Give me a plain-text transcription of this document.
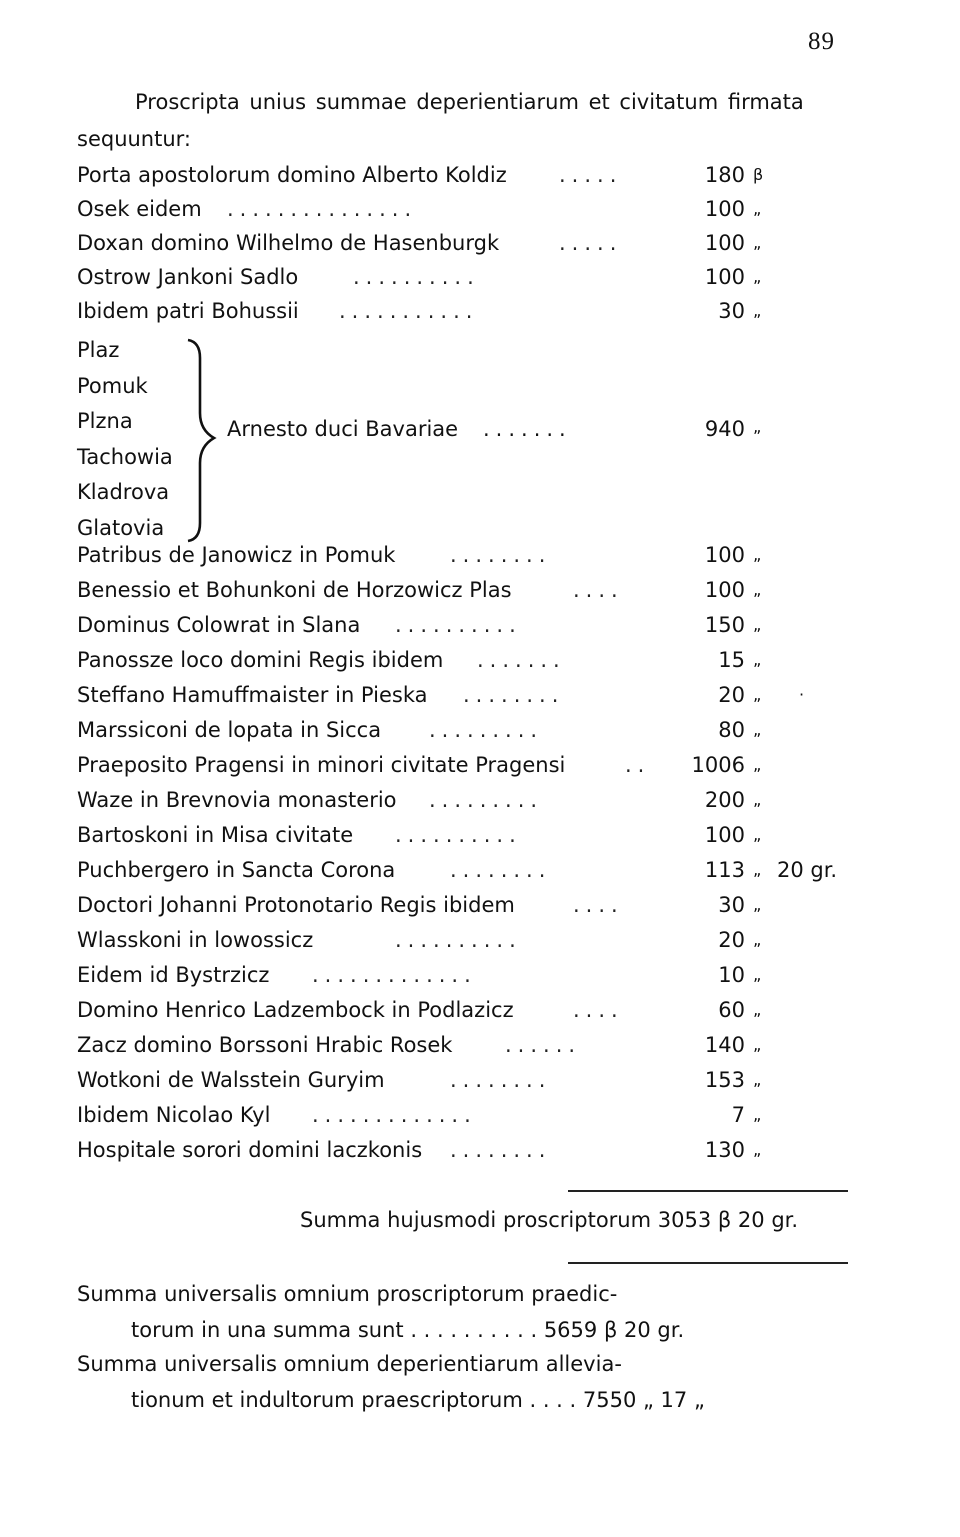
89
Proscripta unius summae deperientiarum et civitatum firmata
sequuntur:
Porta apostolorum domino Alberto Koldiz .....	180 β
Osek eidem ...............	100 „
Doxan domino Wilhelmo de Hasenburgk	.....	100 „
Ostrow Jankoni Sadlo	..........	100 „
Ibidem patri Bohussii ...........	30 „
Plaz
Pomuk
Plzna
Tachowia
Kladrova
Glatovia
Arnesto duci Bavariae .......	940 „
Patribus de Janowicz in Pomuk	........	100 „
Benessio et Bohunkoni de Horzowicz Plas	....	100 „
Dominus Colowrat in Slana ..........	150 „
Panossze loco domini Regis ibidem .......	15 „
Steffano Hamuffmaister in Pieska ........	20 „ ·
Marssiconi de lopata in Sicca .........	80 „
Praeposito Pragensi in minori civitate Pragensi	..	1006 „
Waze in Brevnovia monasterio .........	200 „
Bartoskoni in Misa civitate ..........	100 „
Puchbergero in Sancta Corona	........	113 „ 20 gr.
Doctori Johanni Protonotario Regis ibidem	....	30 „
Wlasskoni in lowossicz	..........	20 „
Eidem id Bystrzicz .............	10 „
Domino Henrico Ladzembock in Podlazicz	....	60 „
Zacz domino Borssoni Hrabic Rosek	......	140 „
Wotkoni de Walsstein Guryim	........	153 „
Ibidem Nicolao Kyl .............	7 „
Hospitale sorori domini laczkonis ........	130 „
Summa hujusmodi proscriptorum 3053 β 20 gr.
Summa universalis omnium proscriptorum praedic-
torum in una summa sunt . . . . . . . . . . 5659 β 20 gr.
Summa universalis omnium deperientiarum allevia-
tionum et indultorum praescriptorum . . . . 7550 „ 17 „
